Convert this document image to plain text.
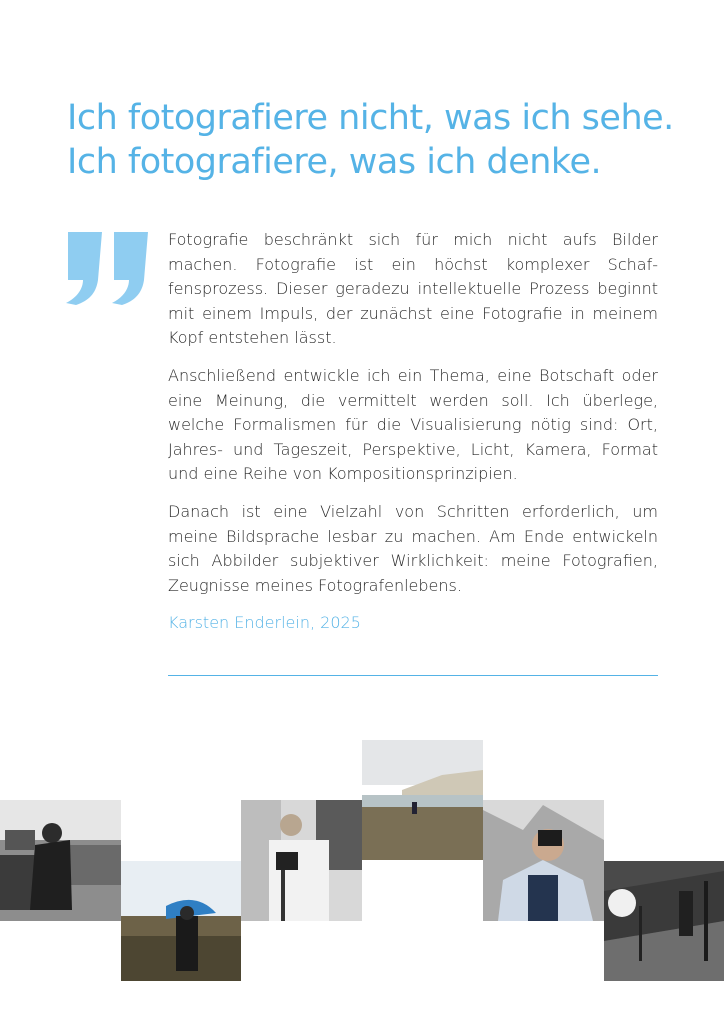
Ich fotografiere nicht, was ich sehe.
Ich fotografiere, was ich denke.

Fotografie beschränkt sich für mich nicht aufs Bilder machen. Fotografie ist ein höchst komplexer Schaffensprozess. Dieser geradezu intellektuelle Prozess beginnt mit einem Impuls, der zunächst eine Fotografie in meinem Kopf entstehen lässt.

Anschließend entwickle ich ein Thema, eine Botschaft oder eine Meinung, die vermittelt werden soll. Ich überlege, welche Formalismen für die Visualisierung nötig sind: Ort, Jahres- und Tageszeit, Perspektive, Licht, Kamera, Format und eine Reihe von Kompositionsprinzipien.

Danach ist eine Vielzahl von Schritten erforderlich, um meine Bildsprache lesbar zu machen. Am Ende entwickeln sich Abbilder subjektiver Wirklichkeit: meine Fotografien, Zeugnisse meines Fotografenlebens.

Karsten Enderlein, 2025
